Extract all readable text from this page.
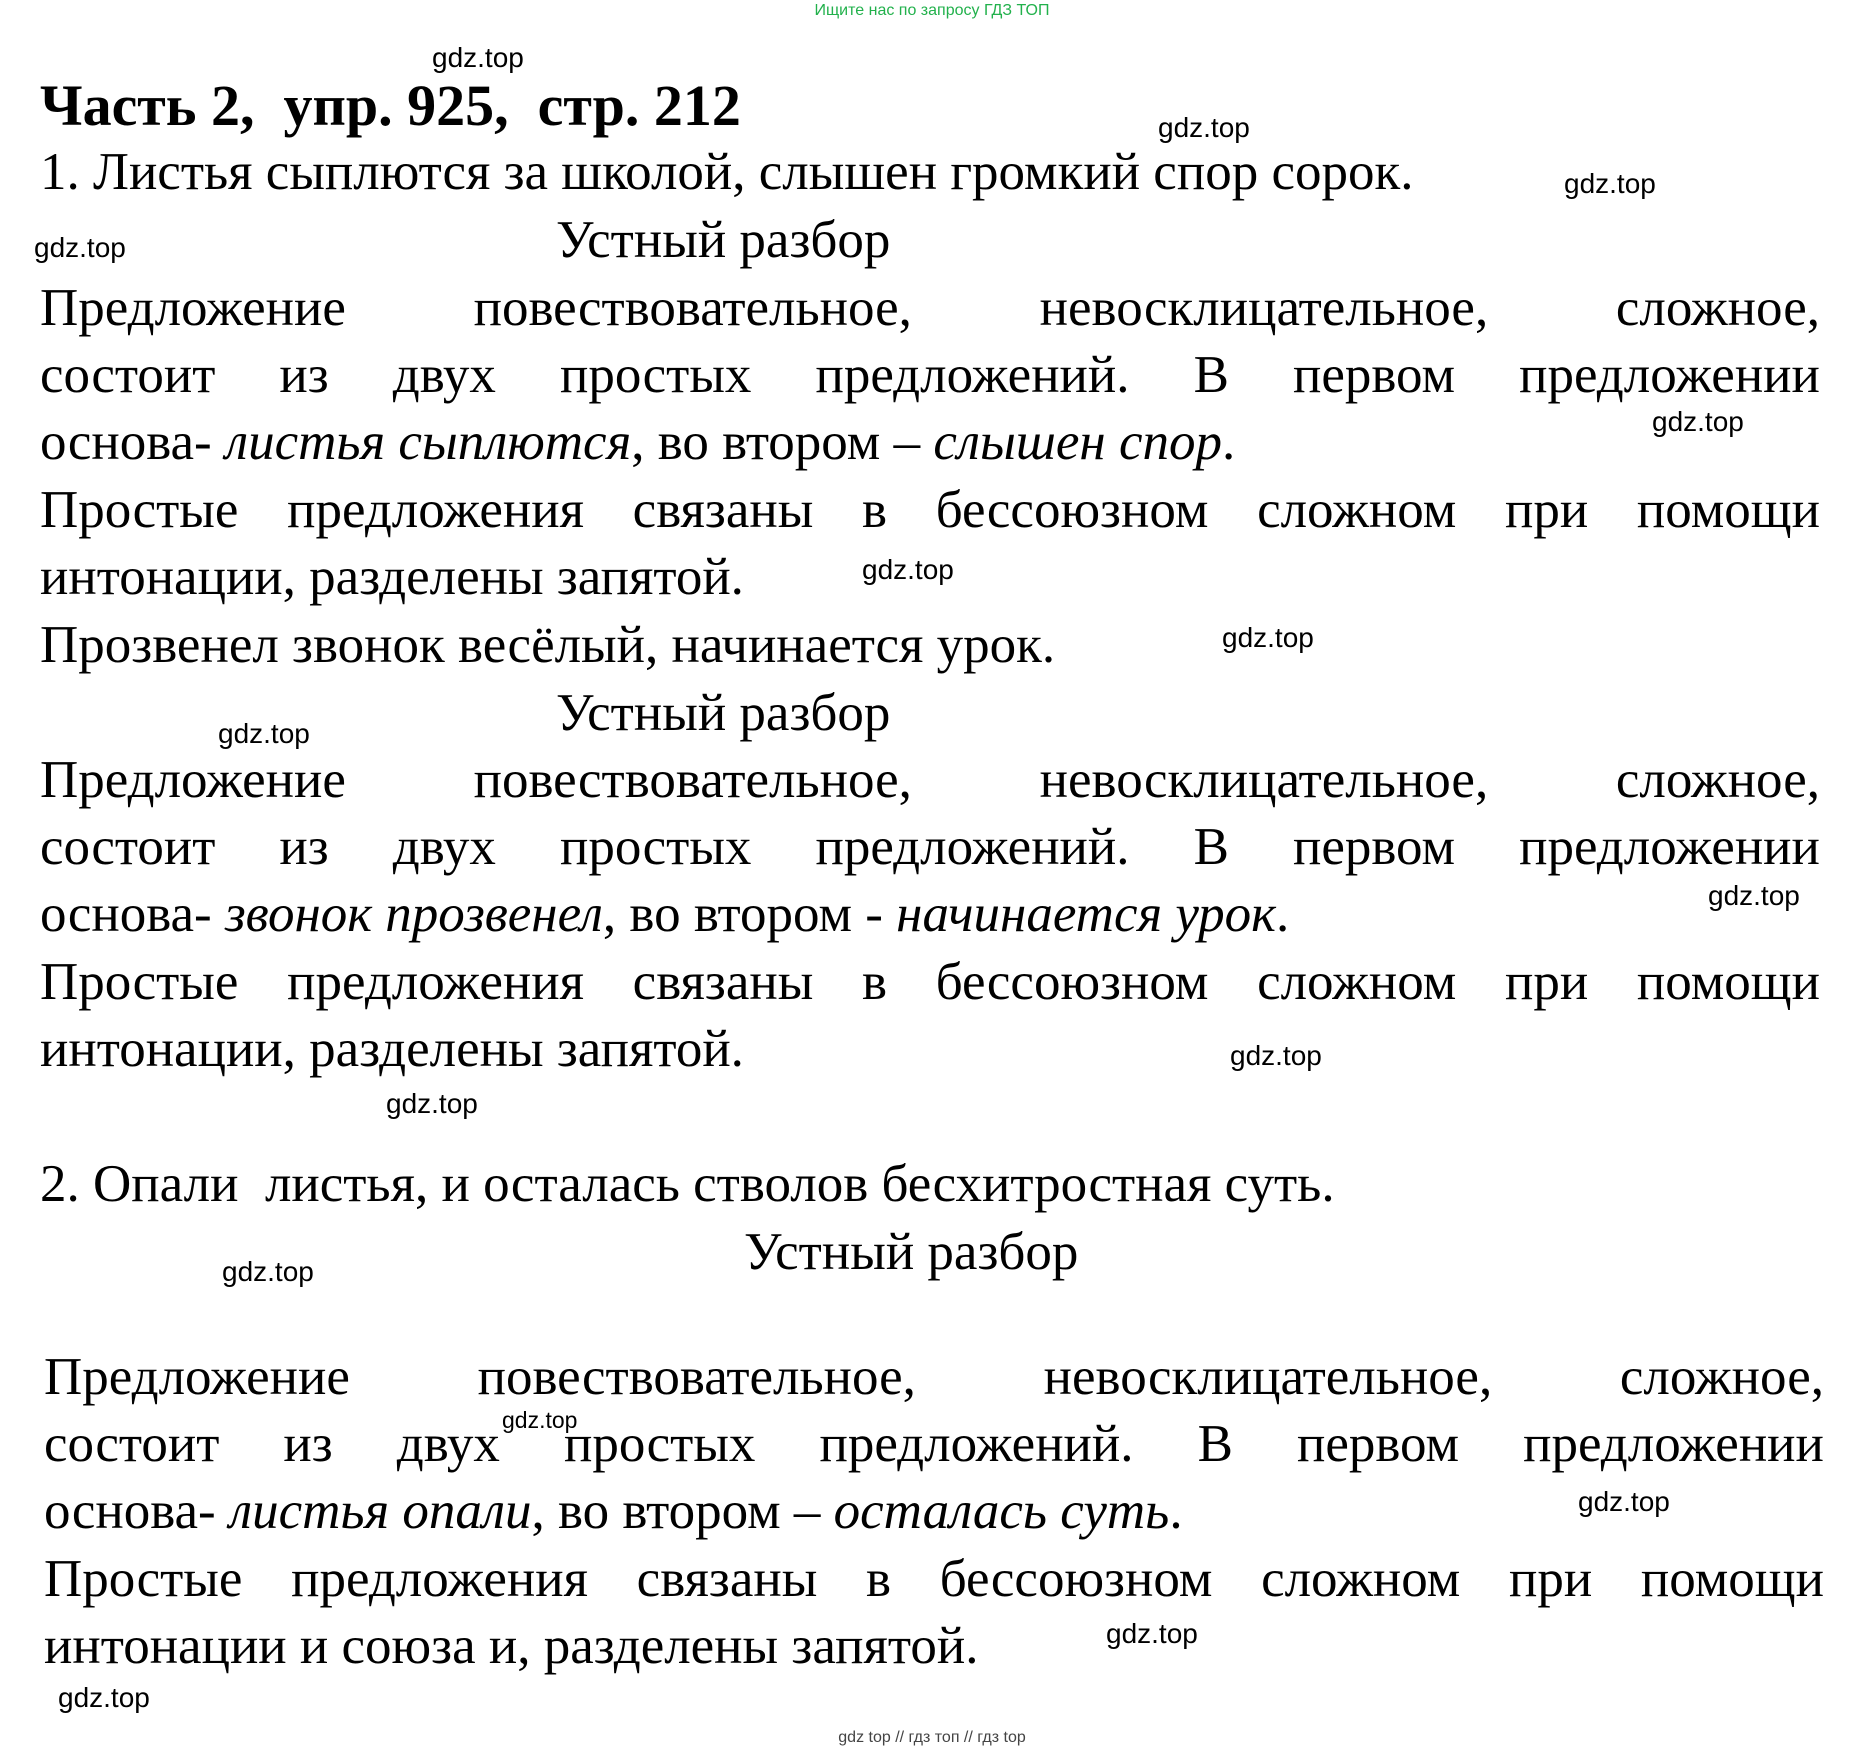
Ищите нас по запросу ГДЗ ТОП
Часть 2,  упр. 925,  стр. 212
1. Листья сыплются за школой, слышен громкий спор сорок.
Устный разбор
Предложение повествовательное, невосклицательное, сложное,
состоит из двух простых предложений. В первом предложении
основа- листья сыплются, во втором – слышен спор.
Простые предложения связаны в бессоюзном сложном при помощи
интонации, разделены запятой.
Прозвенел звонок весёлый, начинается урок.
Устный разбор
Предложение повествовательное, невосклицательное, сложное,
состоит из двух простых предложений. В первом предложении
основа- звонок прозвенел, во втором - начинается урок.
Простые предложения связаны в бессоюзном сложном при помощи
интонации, разделены запятой.
2. Опали  листья, и осталась стволов бесхитростная суть.
Устный разбор
Предложение повествовательное, невосклицательное, сложное,
состоит из двух простых предложений. В первом предложении
основа- листья опали, во втором – осталась суть.
Простые предложения связаны в бессоюзном сложном при помощи
интонации и союза и, разделены запятой.
gdz.top
gdz.top
gdz.top
gdz.top
gdz.top
gdz.top
gdz.top
gdz.top
gdz.top
gdz.top
gdz.top
gdz.top
gdz.top
gdz.top
gdz.top
gdz.top
gdz top // гдз топ // гдз top
